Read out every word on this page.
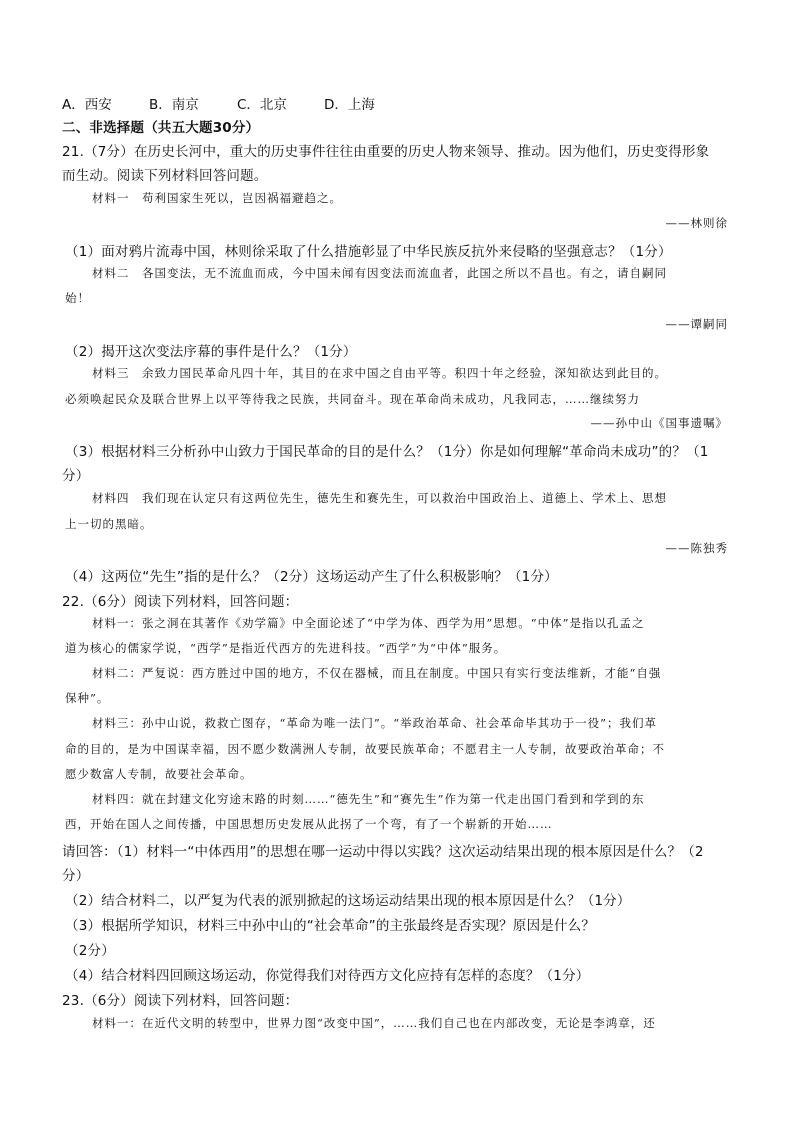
A．西安	B．南京	C．北京	D．上海
二、非选择题（共五大题30分）
21.（7分）在历史长河中，重大的历史事件往往由重要的历史人物来领导、推动。因为他们，历史变得形象
而生动。阅读下列材料回答问题。
材料一　苟利国家生死以，岂因祸福避趋之。
——林则徐
（1）面对鸦片流毒中国，林则徐采取了什么措施彰显了中华民族反抗外来侵略的坚强意志？（1分）
材料二　各国变法，无不流血而成，今中国未闻有因变法而流血者，此国之所以不昌也。有之，请自嗣同
始！
——谭嗣同
（2）揭开这次变法序幕的事件是什么？（1分）
材料三　余致力国民革命凡四十年，其目的在求中国之自由平等。积四十年之经验，深知欲达到此目的。
必须唤起民众及联合世界上以平等待我之民族，共同奋斗。现在革命尚未成功，凡我同志，……继续努力
——孙中山《国事遗嘱》
（3）根据材料三分析孙中山致力于国民革命的目的是什么？（1分）你是如何理解“革命尚未成功”的？（1
分）
材料四　我们现在认定只有这两位先生，德先生和赛先生，可以救治中国政治上、道德上、学术上、思想
上一切的黑暗。
——陈独秀
（4）这两位“先生”指的是什么？（2分）这场运动产生了什么积极影响？（1分）
22.（6分）阅读下列材料，回答问题：
材料一：张之洞在其著作《劝学篇》中全面论述了“中学为体、西学为用”思想。“中体”是指以孔孟之
道为核心的儒家学说，“西学”是指近代西方的先进科技。“西学”为“中体”服务。
材料二：严复说：西方胜过中国的地方，不仅在器械，而且在制度。中国只有实行变法维新，才能“自强
保种”。
材料三：孙中山说，救救亡图存，“革命为唯一法门”。“举政治革命、社会革命毕其功于一役”；我们革
命的目的，是为中国谋幸福，因不愿少数满洲人专制，故要民族革命；不愿君主一人专制，故要政治革命；不
愿少数富人专制，故要社会革命。
材料四：就在封建文化穷途末路的时刻……“德先生”和“赛先生”作为第一代走出国门看到和学到的东
西，开始在国人之间传播，中国思想历史发展从此拐了一个弯，有了一个崭新的开始……
请回答：（1）材料一“中体西用”的思想在哪一运动中得以实践？这次运动结果出现的根本原因是什么？（2
分）
（2）结合材料二，以严复为代表的派别掀起的这场运动结果出现的根本原因是什么？（1分）
（3）根据所学知识，材料三中孙中山的“社会革命”的主张最终是否实现？原因是什么？
（2分）
（4）结合材料四回顾这场运动，你觉得我们对待西方文化应持有怎样的态度？（1分）
23.（6分）阅读下列材料，回答问题：
材料一：在近代文明的转型中，世界力图“改变中国”，……我们自己也在内部改变，无论是李鸿章，还
